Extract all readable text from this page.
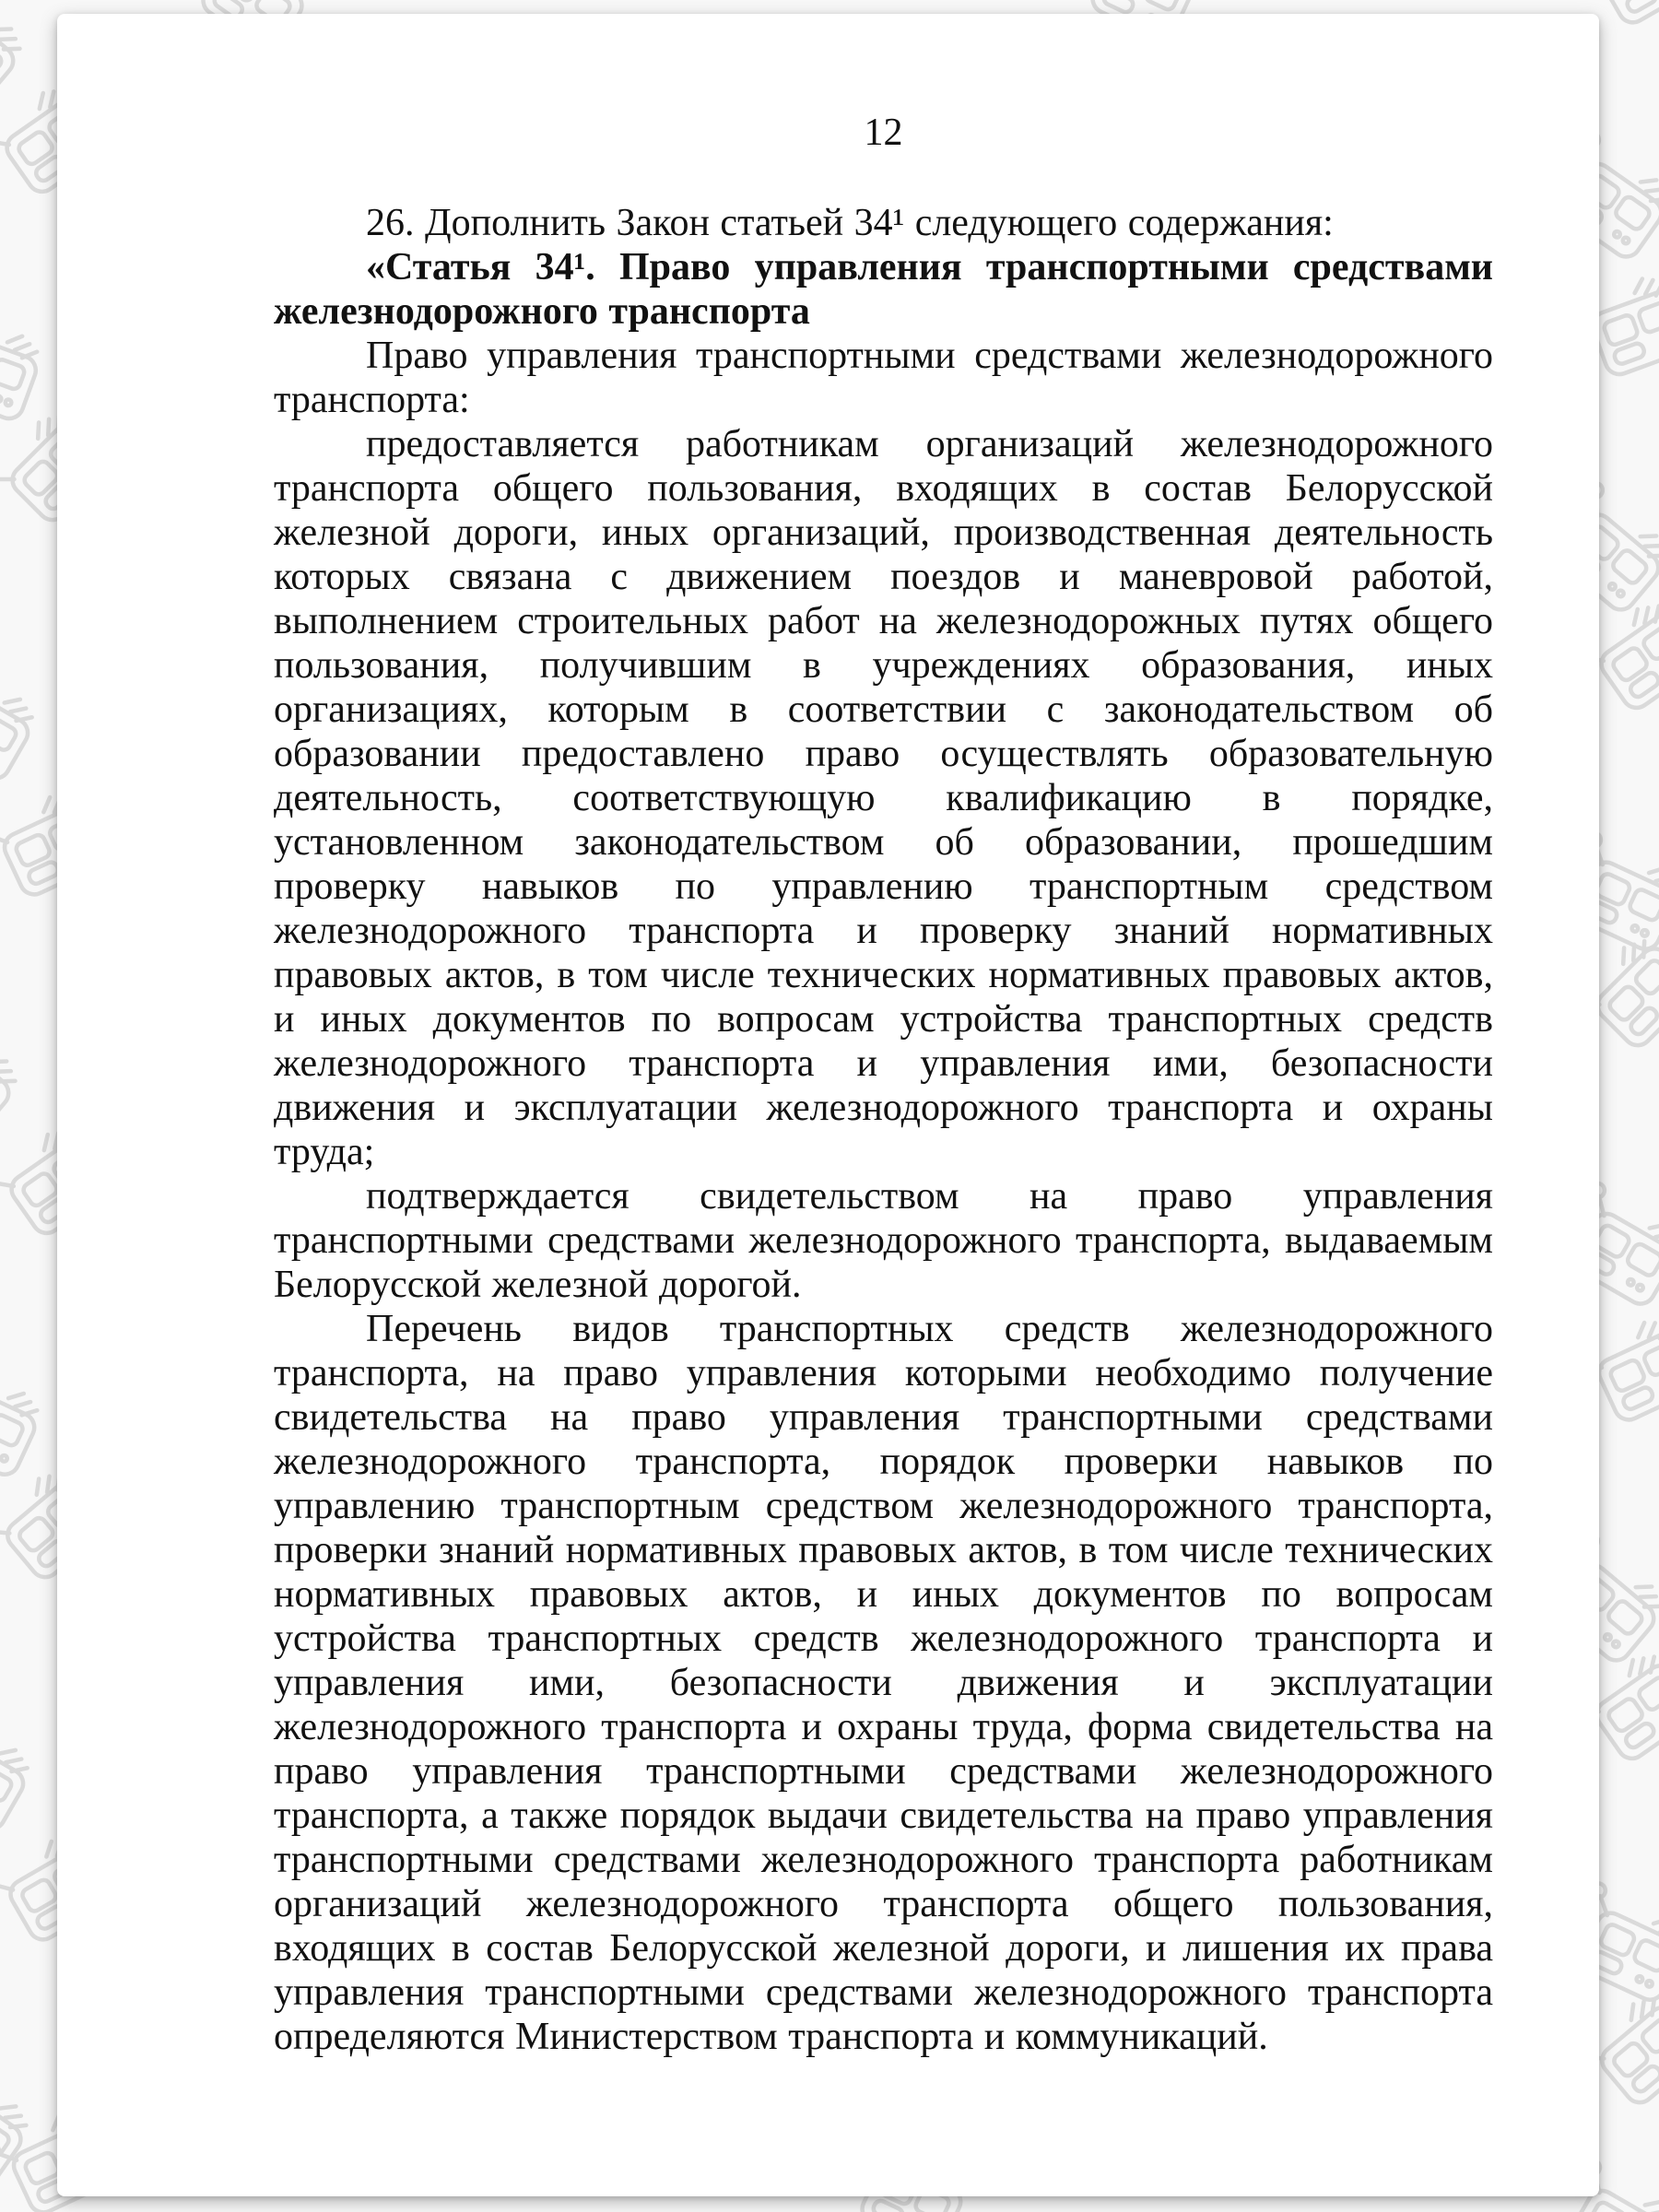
12

26. Дополнить Закон статьей 34¹ следующего содержания:

«Статья 34¹. Право управления транспортными средствами железнодорожного транспорта

Право управления транспортными средствами железнодорожного транспорта:

предоставляется работникам организаций железнодорожного транспорта общего пользования, входящих в состав Белорусской железной дороги, иных организаций, производственная деятельность которых связана с движением поездов и маневровой работой, выполнением строительных работ на железнодорожных путях общего пользования, получившим в учреждениях образования, иных организациях, которым в соответствии с законодательством об образовании предоставлено право осуществлять образовательную деятельность, соответствующую квалификацию в порядке, установленном законодательством об образовании, прошедшим проверку навыков по управлению транспортным средством железнодорожного транспорта и проверку знаний нормативных правовых актов, в том числе технических нормативных правовых актов, и иных документов по вопросам устройства транспортных средств железнодорожного транспорта и управления ими, безопасности движения и эксплуатации железнодорожного транспорта и охраны труда;

подтверждается свидетельством на право управления транспортными средствами железнодорожного транспорта, выдаваемым Белорусской железной дорогой.

Перечень видов транспортных средств железнодорожного транспорта, на право управления которыми необходимо получение свидетельства на право управления транспортными средствами железнодорожного транспорта, порядок проверки навыков по управлению транспортным средством железнодорожного транспорта, проверки знаний нормативных правовых актов, в том числе технических нормативных правовых актов, и иных документов по вопросам устройства транспортных средств железнодорожного транспорта и управления ими, безопасности движения и эксплуатации железнодорожного транспорта и охраны труда, форма свидетельства на право управления транспортными средствами железнодорожного транспорта, а также порядок выдачи свидетельства на право управления транспортными средствами железнодорожного транспорта работникам организаций железнодорожного транспорта общего пользования, входящих в состав Белорусской железной дороги, и лишения их права управления транспортными средствами железнодорожного транспорта определяются Министерством транспорта и коммуникаций.
